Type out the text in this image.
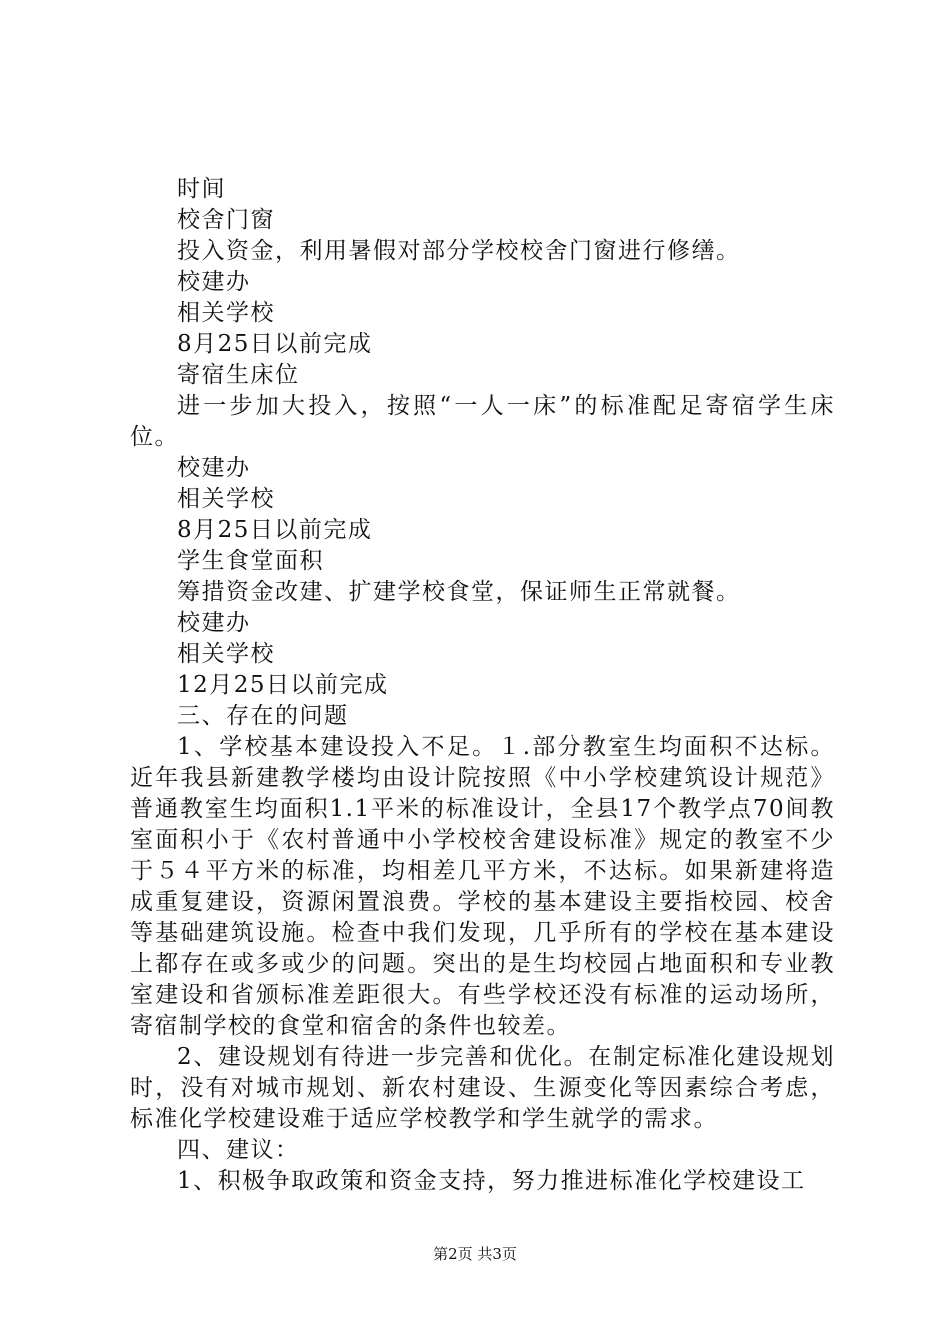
时间
校舍门窗
投入资金，利用暑假对部分学校校舍门窗进行修缮。
校建办
相关学校
8月25日以前完成
寄宿生床位

进一步加大投入，按照“一人一床”的标准配足寄宿学生床位。

校建办
相关学校
8月25日以前完成
学生食堂面积
筹措资金改建、扩建学校食堂，保证师生正常就餐。
校建办
相关学校
12月25日以前完成
三、存在的问题

1、学校基本建设投入不足。１.部分教室生均面积不达标。近年我县新建教学楼均由设计院按照《中小学校建筑设计规范》普通教室生均面积1.1平米的标准设计，全县17个教学点70间教室面积小于《农村普通中小学校校舍建设标准》规定的教室不少于５４平方米的标准，均相差几平方米，不达标。如果新建将造成重复建设，资源闲置浪费。学校的基本建设主要指校园、校舍等基础建筑设施。检查中我们发现，几乎所有的学校在基本建设上都存在或多或少的问题。突出的是生均校园占地面积和专业教室建设和省颁标准差距很大。有些学校还没有标准的运动场所，寄宿制学校的食堂和宿舍的条件也较差。

2、建设规划有待进一步完善和优化。在制定标准化建设规划时，没有对城市规划、新农村建设、生源变化等因素综合考虑，标准化学校建设难于适应学校教学和学生就学的需求。

四、建议：

1、积极争取政策和资金支持，努力推进标准化学校建设工

第2页 共3页
